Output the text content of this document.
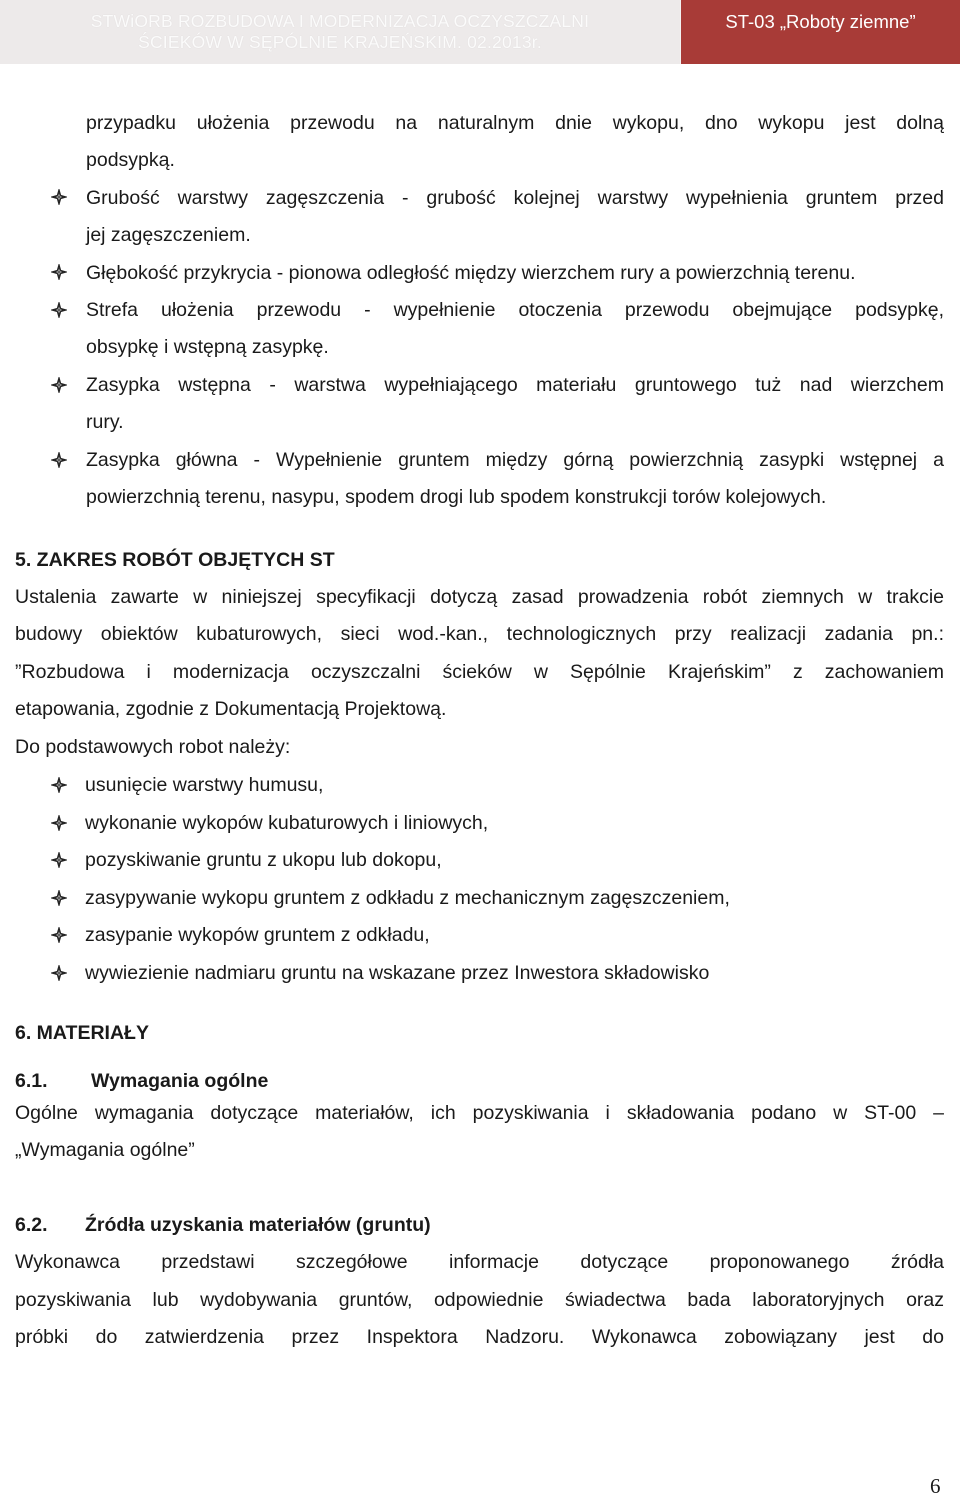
STWiORB ROZBUDOWA I MODERNIZACJA OCZYSZCZALNI
ŚCIEKÓW W SĘPÓLNIE KRAJEŃSKIM. 02.2013r.
ST-03 „Roboty ziemne”
przypadku ułożenia przewodu na naturalnym dnie wykopu, dno wykopu jest dolną
podsypką.
Grubość warstwy zagęszczenia - grubość kolejnej warstwy wypełnienia gruntem przed
jej zagęszczeniem.
Głębokość przykrycia - pionowa odległość między wierzchem rury a powierzchnią terenu.
Strefa ułożenia przewodu - wypełnienie otoczenia przewodu obejmujące podsypkę,
obsypkę i wstępną zasypkę.
Zasypka wstępna - warstwa wypełniającego materiału gruntowego tuż nad wierzchem
rury.
Zasypka główna - Wypełnienie gruntem między górną powierzchnią zasypki wstępnej a
powierzchnią terenu, nasypu, spodem drogi lub spodem konstrukcji torów kolejowych.
5. ZAKRES ROBÓT OBJĘTYCH ST
Ustalenia zawarte w niniejszej specyfikacji dotyczą zasad prowadzenia robót ziemnych w trakcie
budowy obiektów kubaturowych, sieci wod.-kan., technologicznych przy realizacji zadania pn.:
”Rozbudowa i modernizacja oczyszczalni ścieków w Sępólnie Krajeńskim” z zachowaniem
etapowania, zgodnie z Dokumentacją Projektową.
Do podstawowych robot należy:
usunięcie warstwy humusu,
wykonanie wykopów kubaturowych i liniowych,
pozyskiwanie gruntu z ukopu lub dokopu,
zasypywanie wykopu gruntem z odkładu z mechanicznym zagęszczeniem,
zasypanie wykopów gruntem z odkładu,
wywiezienie nadmiaru gruntu na wskazane przez Inwestora składowisko
6. MATERIAŁY
6.1. Wymagania ogólne
Ogólne wymagania dotyczące materiałów, ich pozyskiwania i składowania podano w ST-00 –
„Wymagania ogólne”
6.2. Źródła uzyskania materiałów (gruntu)
Wykonawca przedstawi szczegółowe informacje dotyczące proponowanego źródła
pozyskiwania lub wydobywania gruntów, odpowiednie świadectwa bada laboratoryjnych oraz
próbki do zatwierdzenia przez Inspektora Nadzoru. Wykonawca zobowiązany jest do
6
